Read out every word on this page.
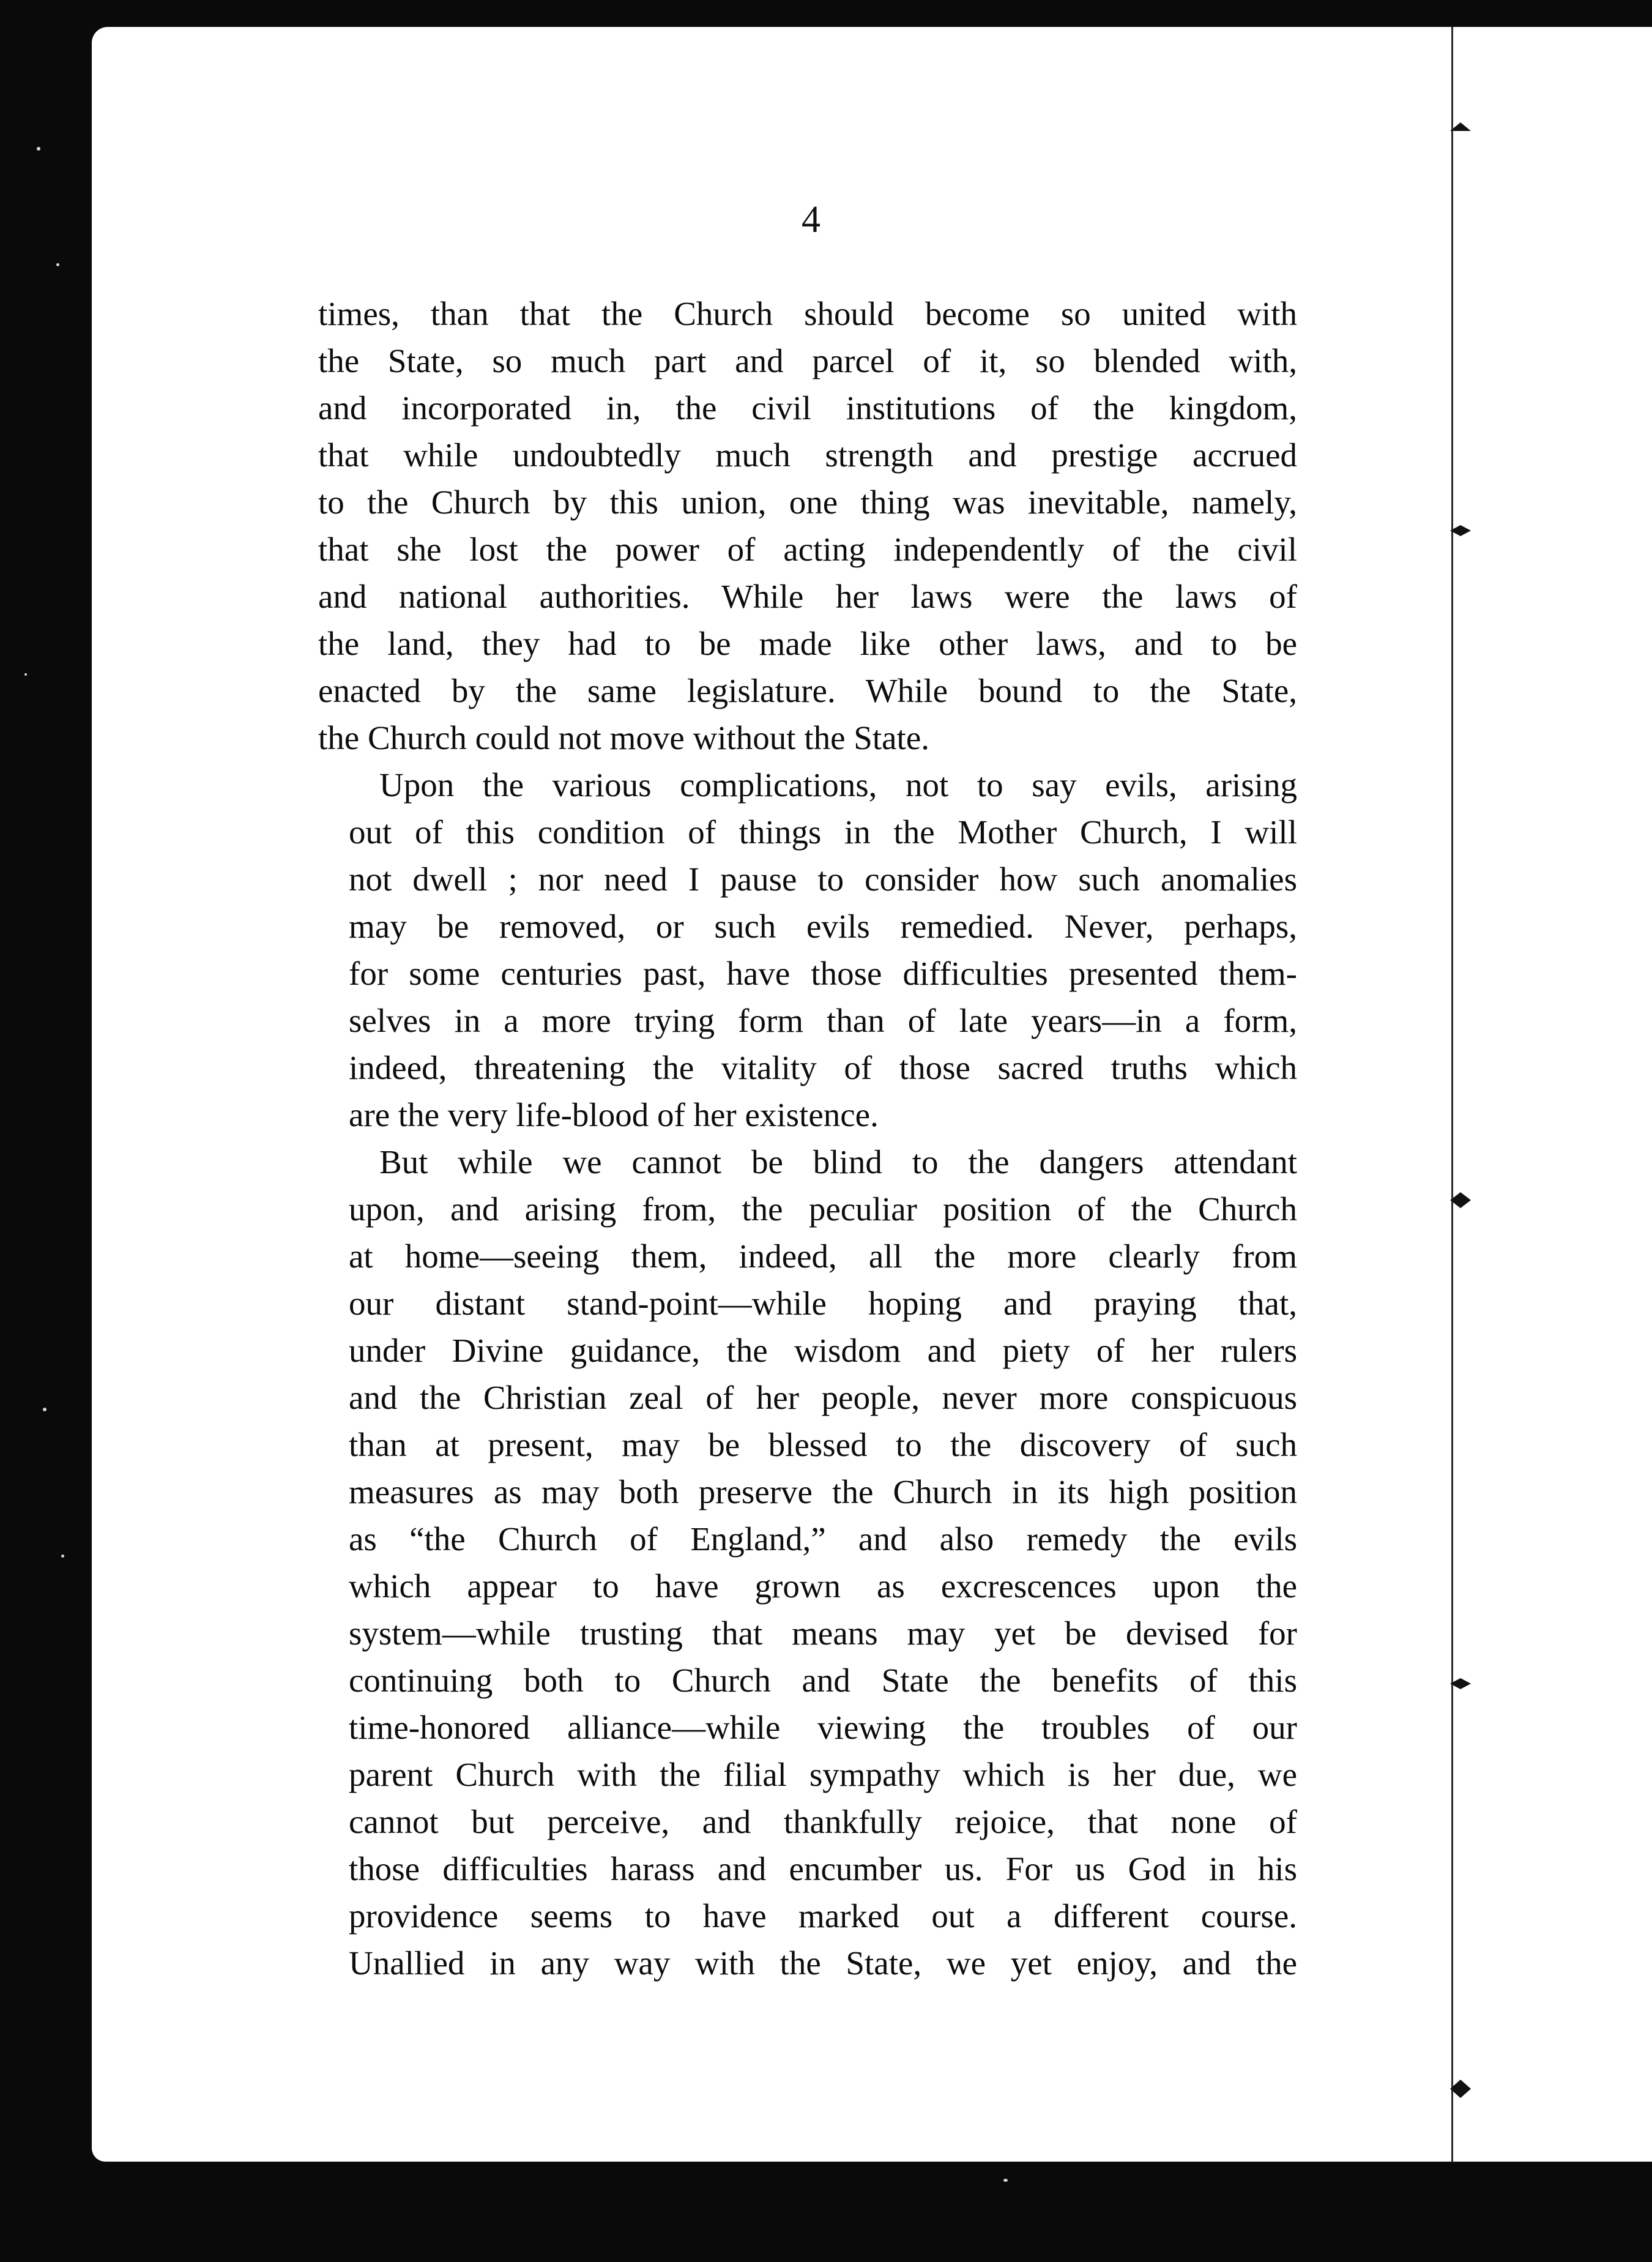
4
times, than that the Church should become so united with
the State, so much part and parcel of it, so blended with,
and incorporated in, the civil institutions of the kingdom,
that while undoubtedly much strength and prestige accrued
to the Church by this union, one thing was inevitable, namely,
that she lost the power of acting independently of the civil
and national authorities. While her laws were the laws of
the land, they had to be made like other laws, and to be
enacted by the same legislature. While bound to the State,
the Church could not move without the State.
Upon the various complications, not to say evils, arising
out of this condition of things in the Mother Church, I will
not dwell ; nor need I pause to consider how such anomalies
may be removed, or such evils remedied. Never, perhaps,
for some centuries past, have those difficulties presented them-
selves in a more trying form than of late years—in a form,
indeed, threatening the vitality of those sacred truths which
are the very life-blood of her existence.
But while we cannot be blind to the dangers attendant
upon, and arising from, the peculiar position of the Church
at home—seeing them, indeed, all the more clearly from
our distant stand-point—while hoping and praying that,
under Divine guidance, the wisdom and piety of her rulers
and the Christian zeal of her people, never more conspicuous
than at present, may be blessed to the discovery of such
measures as may both preserve the Church in its high position
as “the Church of England,” and also remedy the evils
which appear to have grown as excrescences upon the
system—while trusting that means may yet be devised for
continuing both to Church and State the benefits of this
time-honored alliance—while viewing the troubles of our
parent Church with the filial sympathy which is her due, we
cannot but perceive, and thankfully rejoice, that none of
those difficulties harass and encumber us. For us God in his
providence seems to have marked out a different course.
Unallied in any way with the State, we yet enjoy, and the
